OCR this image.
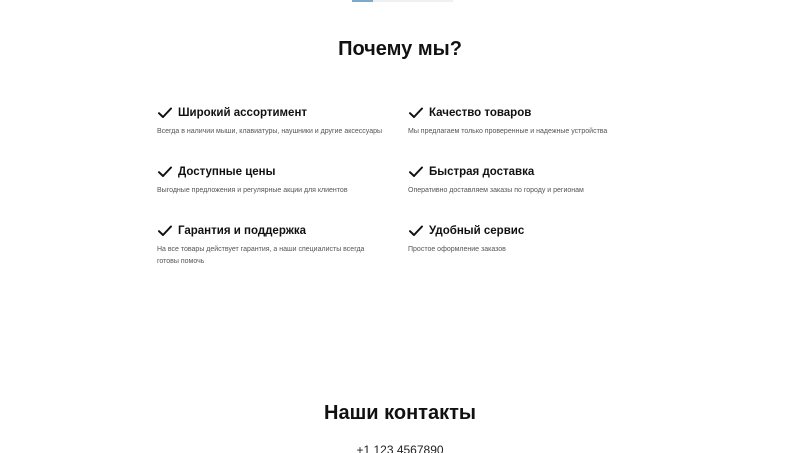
Почему мы?
Широкий ассортимент

Всегда в наличии мыши, клавиатуры, наушники и другие аксессуары

Качество товаров

Мы предлагаем только проверенные и надежные устройства

Доступные цены

Выгодные предложения и регулярные акции для клиентов

Быстрая доставка

Оперативно доставляем заказы по городу и регионам

Гарантия и поддержка

На все товары действует гарантия, а наши специалисты всегда готовы помочь

Удобный сервис

Простое оформление заказов

Наши контакты
+1 123 4567890
